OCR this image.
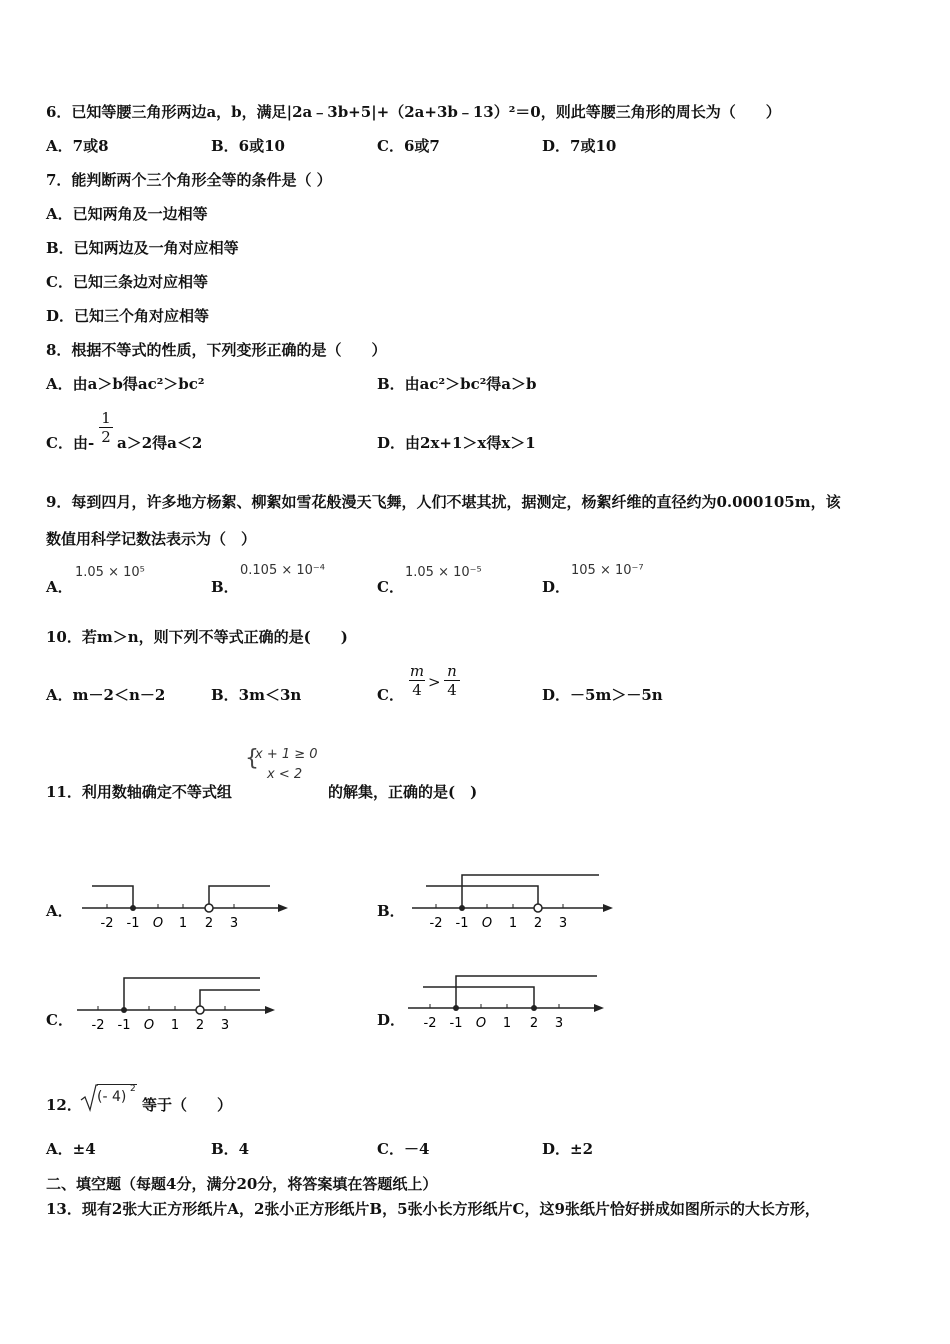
6．已知等腰三角形两边a，b，满足|2a﹣3b+5|+（2a+3b﹣13）²＝0，则此等腰三角形的周长为（　　）
A．7或8	B．6或10	C．6或7	D．7或10
7．能判断两个三个角形全等的条件是（ ）
A．已知两角及一边相等
B．已知两边及一角对应相等
C．已知三条边对应相等
D．已知三个角对应相等
8．根据不等式的性质，下列变形正确的是（　　）
A．由a＞b得ac²＞bc²	B．由ac²＞bc²得a＞b
C．由- $\frac{1}{2} a>2$得a＜2	D．由2x+1＞x得x＞1
9．每到四月，许多地方杨絮、柳絮如雪花般漫天飞舞，人们不堪其扰，据测定，杨絮纤维的直径约为0.000105m，该
数值用科学记数法表示为（　）
A．
1.05 × 10⁵
B．
0.105 × 10⁻⁴
C．
1.05 × 10⁻⁵
D．
105 × 10⁻⁷
10．若m＞n，则下列不等式正确的是(　　)
A．m－2＜n－2	B．3m＜3n	C． $\frac{m}{4} > \frac{n}{4}$	D．－5m＞－5n
11．利用数轴确定不等式组
{
x + 1 ≥ 0
x < 2
的解集，正确的是(　)
A．
-2 -1 O 1 2 3
B．
-2 -1 O 1 2 3
C． -2 -1 O 1 2 3	D． -2 -1 O 1 2 3
12． (- 4) 2
等于（　　）
A．±4	B．4	C．－4	D．±2
二、填空题（每题4分，满分20分，将答案填在答题纸上）
13．现有2张大正方形纸片A，2张小正方形纸片B，5张小长方形纸片C，这9张纸片恰好拼成如图所示的大长方形，
